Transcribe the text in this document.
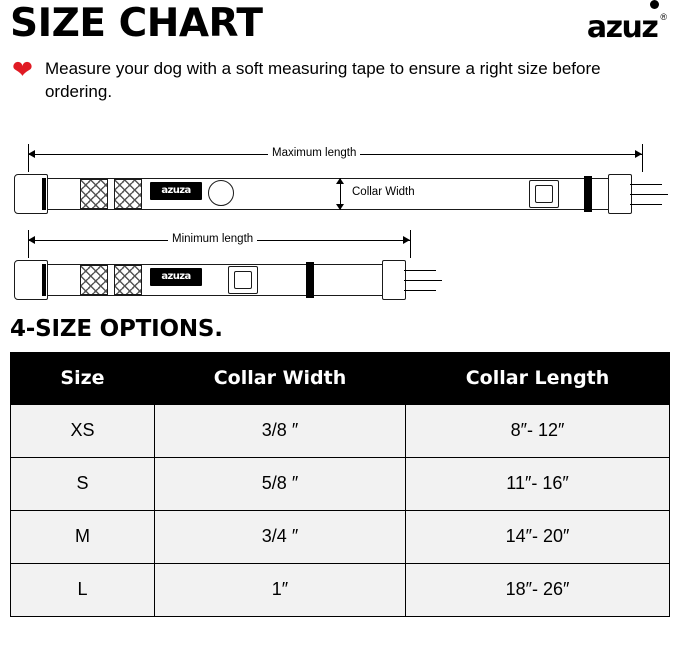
SIZE CHART	azuz ®
❤ Measure your dog with a soft measuring tape to ensure a right size before ordering.
Maximum length
azuza	Collar Width
Minimum length
azuza
4-SIZE OPTIONS.
Size	Collar Width	Collar Length
XS	3/8 ″	8″- 12″
S	5/8 ″	11″- 16″
M	3/4 ″	14″- 20″
L	1″	18″- 26″
